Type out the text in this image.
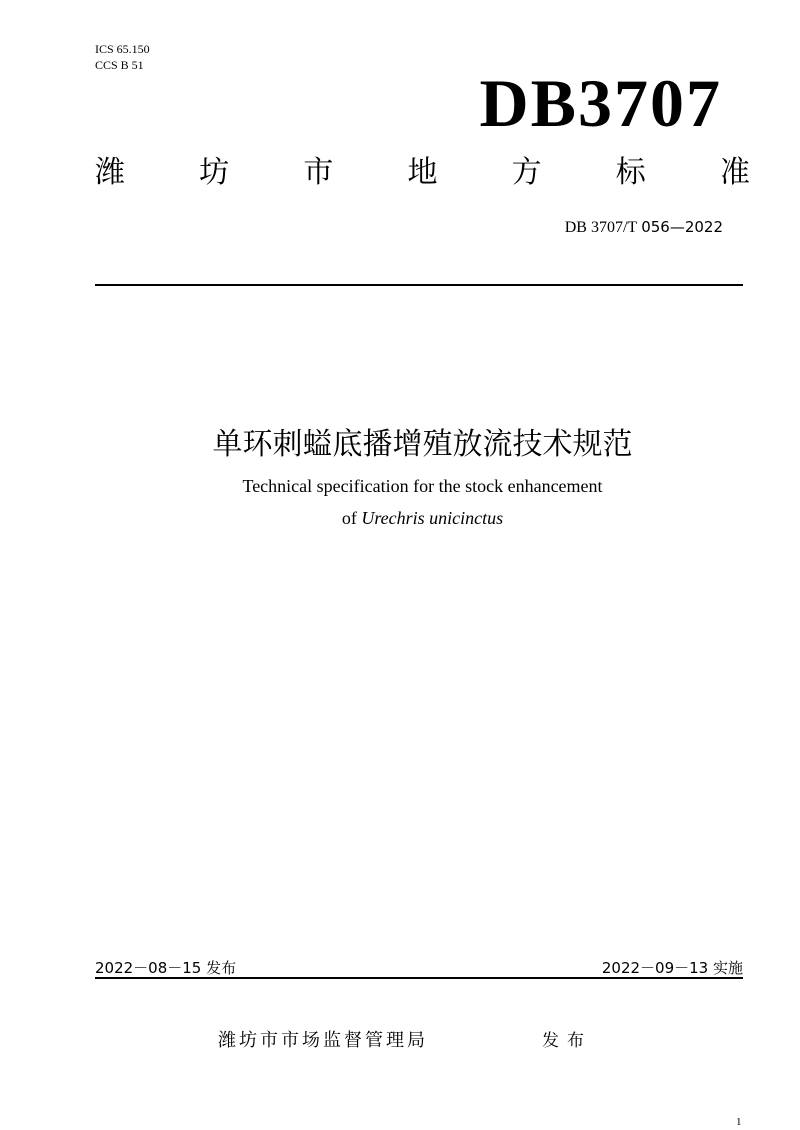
ICS 65.150
CCS B 51	DB3707
潍 坊 市 地 方 标 准
DB 3707/T 056—2022
单环刺螠底播增殖放流技术规范
Technical specification for the stock enhancement
of Urechris unicinctus
2022－08－15 发布	2022－09－13 实施
潍坊市市场监督管理局	发布
1
